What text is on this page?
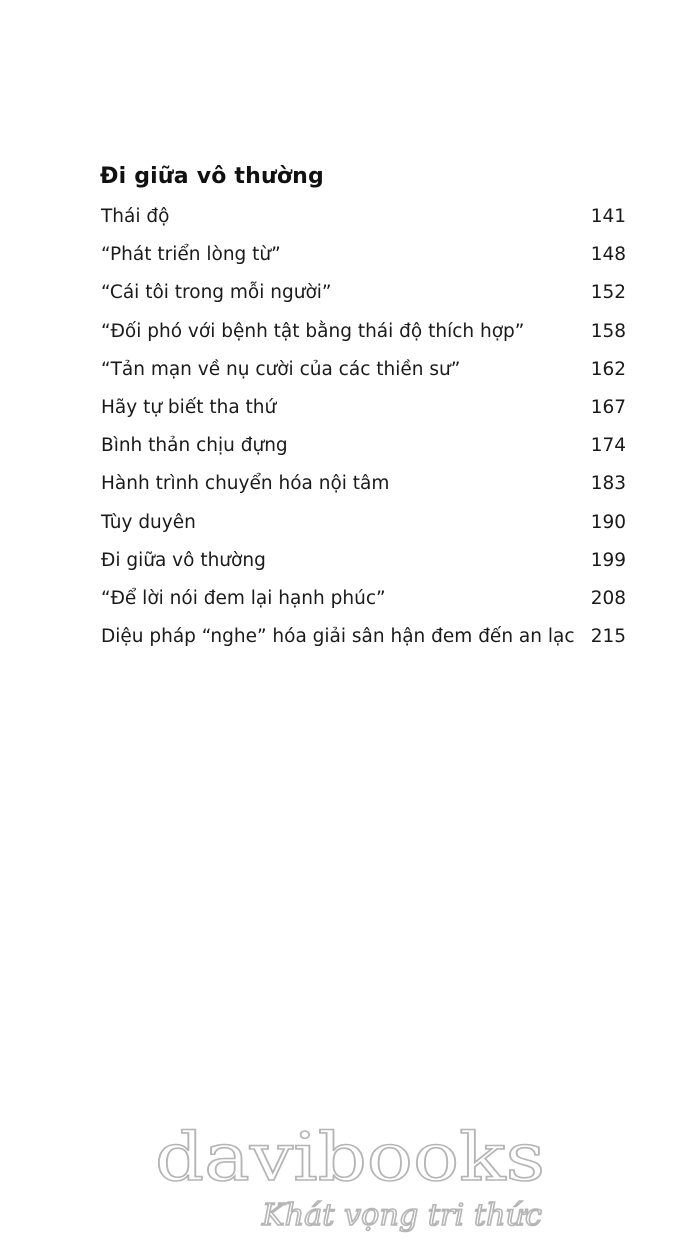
Đi giữa vô thường
Thái độ	141
“Phát triển lòng từ”	148
“Cái tôi trong mỗi người”	152
“Đối phó với bệnh tật bằng thái độ thích hợp”	158
“Tản mạn về nụ cười của các thiền sư”	162
Hãy tự biết tha thứ	167
Bình thản chịu đựng	174
Hành trình chuyển hóa nội tâm	183
Tùy duyên	190
Đi giữa vô thường	199
“Để lời nói đem lại hạnh phúc”	208
Diệu pháp “nghe” hóa giải sân hận đem đến an lạc 215
davibooks
Khát vọng tri thức
